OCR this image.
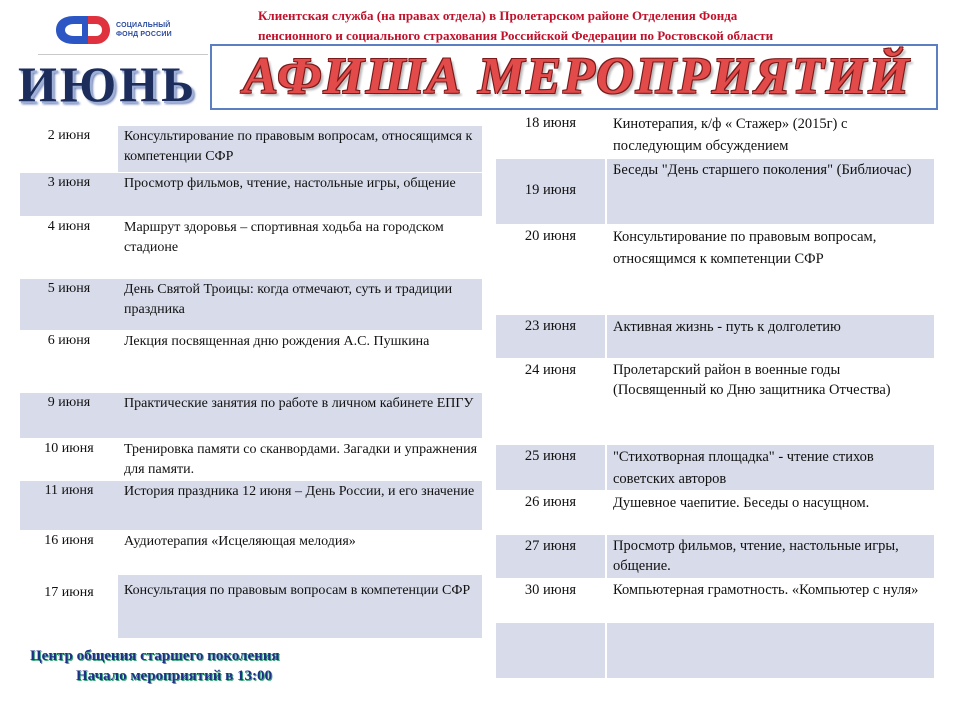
СОЦИАЛЬНЫЙ
ФОНД РОССИИ
Клиентская служба (на правах отдела) в Пролетарском районе Отделения Фонда
пенсионного и социального страхования Российской Федерации по Ростовской области
ИЮНЬ АФИША МЕРОПРИЯТИЙ
2 июня	Консультирование по правовым вопросам, относящимся к компетенции СФР

3 июня	Просмотр фильмов, чтение, настольные игры, общение

4 июня	Маршрут здоровья – спортивная ходьба на городском стадионе

5 июня	День Святой Троицы: когда отмечают, суть и традиции праздника

6 июня	Лекция посвященная дню рождения А.С. Пушкина

9 июня	Практические занятия по работе в личном кабинете ЕПГУ

10 июня	Тренировка памяти со сканвордами. Загадки и упражнения для памяти.

11 июня	История праздника 12 июня – День России, и его значение

16 июня	Аудиотерапия «Исцеляющая мелодия»

17 июня	Консультация по правовым вопросам в компетенции СФР
18 июня	Кинотерапия, к/ф « Стажер» (2015г) с последующим обсуждением

19 июня	Беседы "День старшего поколения" (Библиочас)

20 июня	Консультирование по правовым вопросам, относящимся к компетенции СФР

23 июня	Активная жизнь - путь к долголетию

24 июня	Пролетарский район в военные годы (Посвященный ко Дню защитника Отчества)

25 июня	"Стихотворная площадка" - чтение стихов советских авторов

26 июня	Душевное чаепитие. Беседы о насущном.

27 июня	Просмотр фильмов, чтение, настольные игры, общение.

30 июня	Компьютерная грамотность. «Компьютер с нуля»

Центр общения старшего поколения
Начало мероприятий в 13:00
